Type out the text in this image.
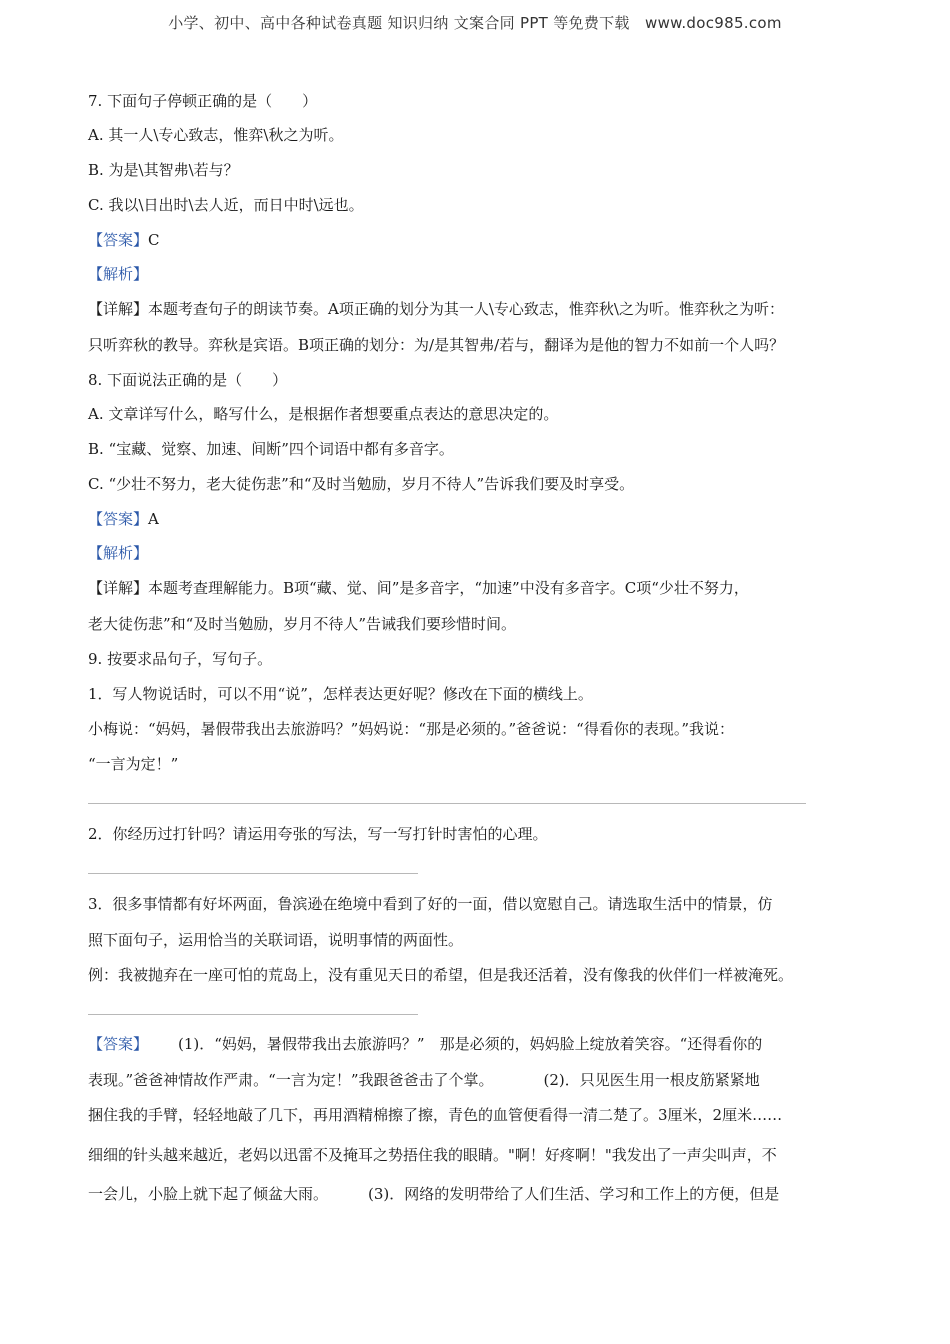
小学、初中、高中各种试卷真题 知识归纳 文案合同 PPT 等免费下载　www.doc985.com
7. 下面句子停顿正确的是（　　）
A. 其一人\专心致志，惟弈\秋之为听。
B. 为是\其智弗\若与？
C. 我以\日出时\去人近，而日中时\远也。
【答案】C
【解析】
【详解】本题考查句子的朗读节奏。A项正确的划分为其一人\专心致志，惟弈秋\之为听。惟弈秋之为听：
只听弈秋的教导。弈秋是宾语。B项正确的划分：为/是其智弗/若与，翻译为是他的智力不如前一个人吗？
8. 下面说法正确的是（　　）
A. 文章详写什么，略写什么，是根据作者想要重点表达的意思决定的。
B. “宝藏、觉察、加速、间断”四个词语中都有多音字。
C. “少壮不努力，老大徒伤悲”和“及时当勉励，岁月不待人”告诉我们要及时享受。
【答案】A
【解析】
【详解】本题考查理解能力。B项“藏、觉、间”是多音字，“加速”中没有多音字。C项“少壮不努力，
老大徒伤悲”和“及时当勉励，岁月不待人”告诫我们要珍惜时间。
9. 按要求品句子，写句子。
1．写人物说话时，可以不用“说”，怎样表达更好呢？修改在下面的横线上。
小梅说：“妈妈，暑假带我出去旅游吗？”妈妈说：“那是必须的。”爸爸说：“得看你的表现。”我说：
“一言为定！”
2．你经历过打针吗？请运用夸张的写法，写一写打针时害怕的心理。
3．很多事情都有好坏两面，鲁滨逊在绝境中看到了好的一面，借以宽慰自己。请选取生活中的情景，仿
照下面句子，运用恰当的关联词语，说明事情的两面性。
例：我被抛弃在一座可怕的荒岛上，没有重见天日的希望，但是我还活着，没有像我的伙伴们一样被淹死。
【答案】 (1)．“妈妈，暑假带我出去旅游吗？”　那是必须的，妈妈脸上绽放着笑容。“还得看你的
表现。”爸爸神情故作严肃。“一言为定！”我跟爸爸击了个掌。	(2)．只见医生用一根皮筋紧紧地
捆住我的手臂，轻轻地敲了几下，再用酒精棉擦了擦，青色的血管便看得一清二楚了。3厘米，2厘米……
细细的针头越来越近，老妈以迅雷不及掩耳之势捂住我的眼睛。"啊！好疼啊！"我发出了一声尖叫声，不
一会儿，小脸上就下起了倾盆大雨。	(3)．网络的发明带给了人们生活、学习和工作上的方便，但是
